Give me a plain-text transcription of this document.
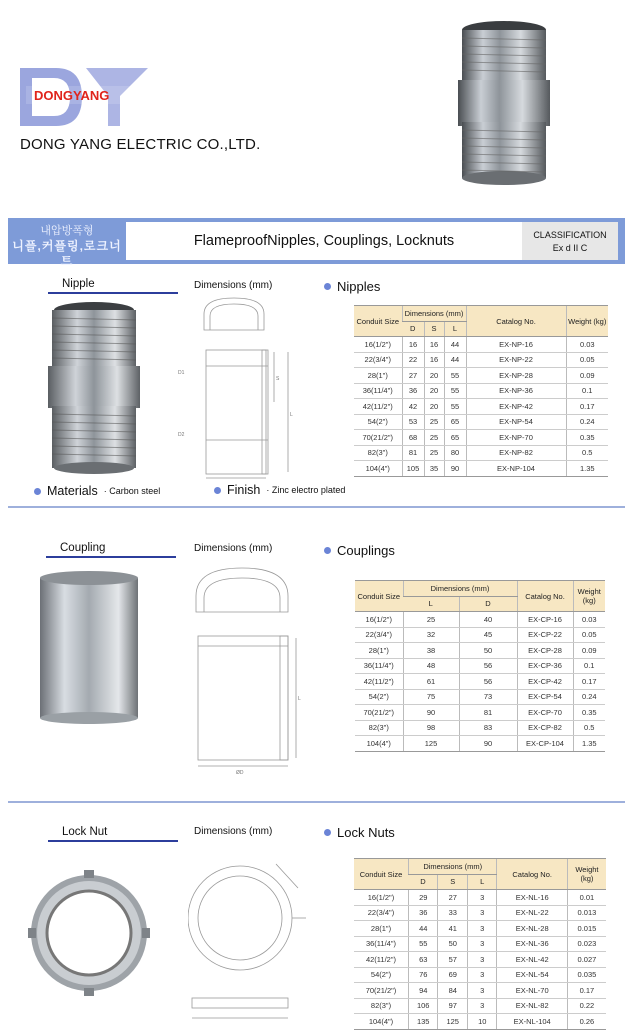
DONGYANG
DONG YANG ELECTRIC CO.,LTD.
내압방폭형
니플,커플링,로크너트
FlameproofNipples, Couplings, Locknuts	CLASSIFICATION
Ex d II C
Nipple	Dimensions (mm)	Nipples
D1
D2
L
S
Conduit Size	Dimensions (mm)			Catalog No.	Weight (kg)
	D	S	L		
16(1/2")	16	16	44	EX-NP-16	0.03
22(3/4")	22	16	44	EX-NP-22	0.05
28(1")	27	20	55	EX-NP-28	0.09
36(11/4")	36	20	55	EX-NP-36	0.1
42(11/2")	42	20	55	EX-NP-42	0.17
54(2")	53	25	65	EX-NP-54	0.24
70(21/2")	68	25	65	EX-NP-70	0.35
82(3")	81	25	80	EX-NP-82	0.5
104(4")	105	35	90	EX-NP-104	1.35
Materials · Carbon steel	Finish · Zinc electro plated
Coupling	Dimensions (mm)	Couplings
ØD
L
Conduit Size	Dimensions (mm)		Catalog No.	Weight (kg)
	L	D		
16(1/2")	25	40	EX-CP-16	0.03
22(3/4")	32	45	EX-CP-22	0.05
28(1")	38	50	EX-CP-28	0.09
36(11/4")	48	56	EX-CP-36	0.1
42(11/2")	61	56	EX-CP-42	0.17
54(2")	75	73	EX-CP-54	0.24
70(21/2")	90	81	EX-CP-70	0.35
82(3")	98	83	EX-CP-82	0.5
104(4")	125	90	EX-CP-104	1.35
Lock Nut	Dimensions (mm)	Lock Nuts
Conduit Size	Dimensions (mm)			Catalog No.	Weight (kg)
	D	S	L		
16(1/2")	29	27	3	EX-NL-16	0.01
22(3/4")	36	33	3	EX-NL-22	0.013
28(1")	44	41	3	EX-NL-28	0.015
36(11/4")	55	50	3	EX-NL-36	0.023
42(11/2")	63	57	3	EX-NL-42	0.027
54(2")	76	69	3	EX-NL-54	0.035
70(21/2")	94	84	3	EX-NL-70	0.17
82(3")	106	97	3	EX-NL-82	0.22
104(4")	135	125	10	EX-NL-104	0.26
